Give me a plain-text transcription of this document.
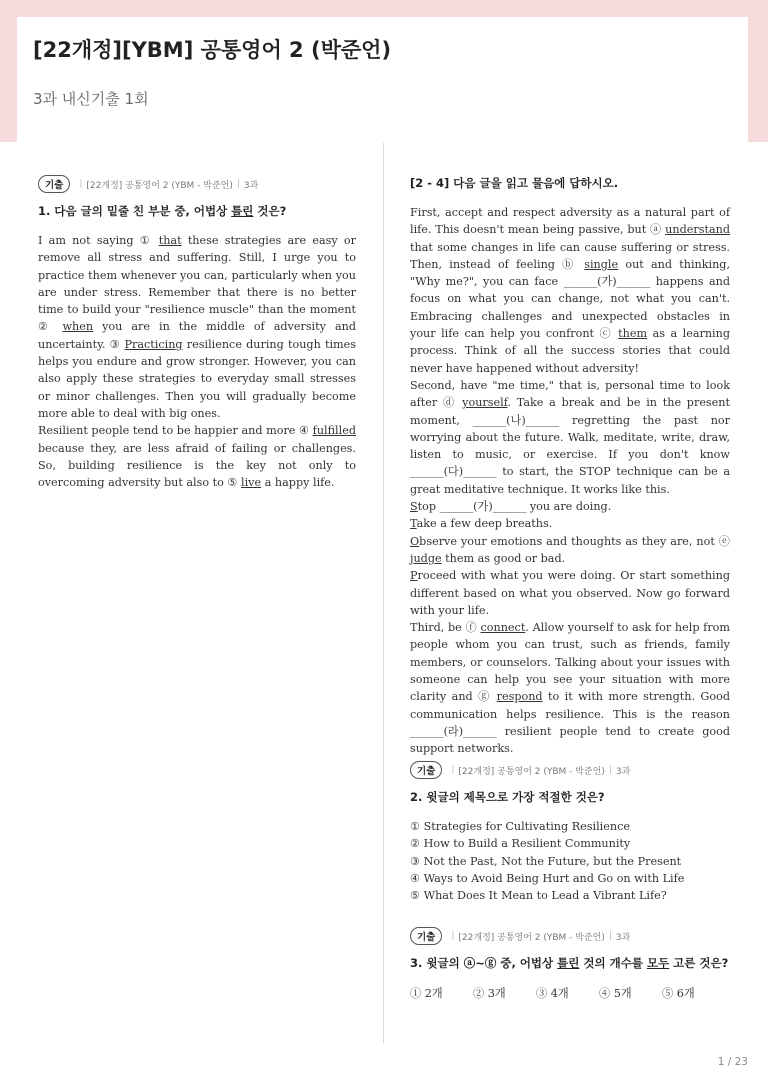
[22개정][YBM] 공통영어 2 (박준언)
3과 내신기출 1회
기출	| [22개정] 공통영어 2 (YBM - 박준언) | 3과
1. 다음 글의 밑줄 친 부분 중, 어법상 틀린 것은?

I am not saying ① that these strategies are easy or remove all stress and suffering. Still, I urge you to practice them whenever you can, particularly when you are under stress. Remember that there is no better time to build your "resilience muscle" than the moment ② when you are in the middle of adversity and uncertainty. ③ Practicing resilience during tough times helps you endure and grow stronger. However, you can also apply these strategies to everyday small stresses or minor challenges. Then you will gradually become more able to deal with big ones.

Resilient people tend to be happier and more ④ fulfilled because they, are less afraid of failing or challenges. So, building resilience is the key not only to overcoming adversity but also to ⑤ live a happy life.

[2 - 4] 다음 글을 읽고 물음에 답하시오.

First, accept and respect adversity as a natural part of life. This doesn't mean being passive, but ⓐ understand that some changes in life can cause suffering or stress. Then, instead of feeling ⓑ single out and thinking, "Why me?", you can face ______(가)______ happens and focus on what you can change, not what you can't. Embracing challenges and unexpected obstacles in your life can help you confront ⓒ them as a learning process. Think of all the success stories that could never have happened without adversity!

Second, have "me time," that is, personal time to look after ⓓ yourself. Take a break and be in the present moment, ______(나)______ regretting the past nor worrying about the future. Walk, meditate, write, draw, listen to music, or exercise. If you don't know ______(다)______ to start, the STOP technique can be a great meditative technique. It works like this.

Stop ______(가)______ you are doing.

Take a few deep breaths.

Observe your emotions and thoughts as they are, not ⓔ judge them as good or bad.

Proceed with what you were doing. Or start something different based on what you observed. Now go forward with your life.

Third, be ⓕ connect. Allow yourself to ask for help from people whom you can trust, such as friends, family members, or counselors. Talking about your issues with someone can help you see your situation with more clarity and ⓖ respond to it with more strength. Good communication helps resilience. This is the reason ______(라)______ resilient people tend to create good support networks.

기출	| [22개정] 공통영어 2 (YBM - 박준언) | 3과
2. 윗글의 제목으로 가장 적절한 것은?
① Strategies for Cultivating Resilience
② How to Build a Resilient Community
③ Not the Past, Not the Future, but the Present
④ Ways to Avoid Being Hurt and Go on with Life
⑤ What Does It Mean to Lead a Vibrant Life?
기출	| [22개정] 공통영어 2 (YBM - 박준언) | 3과
3. 윗글의 ⓐ~ⓖ 중, 어법상 틀린 것의 개수를 모두 고른 것은?
① 2개	② 3개	③ 4개	④ 5개	⑤ 6개
1 / 23
